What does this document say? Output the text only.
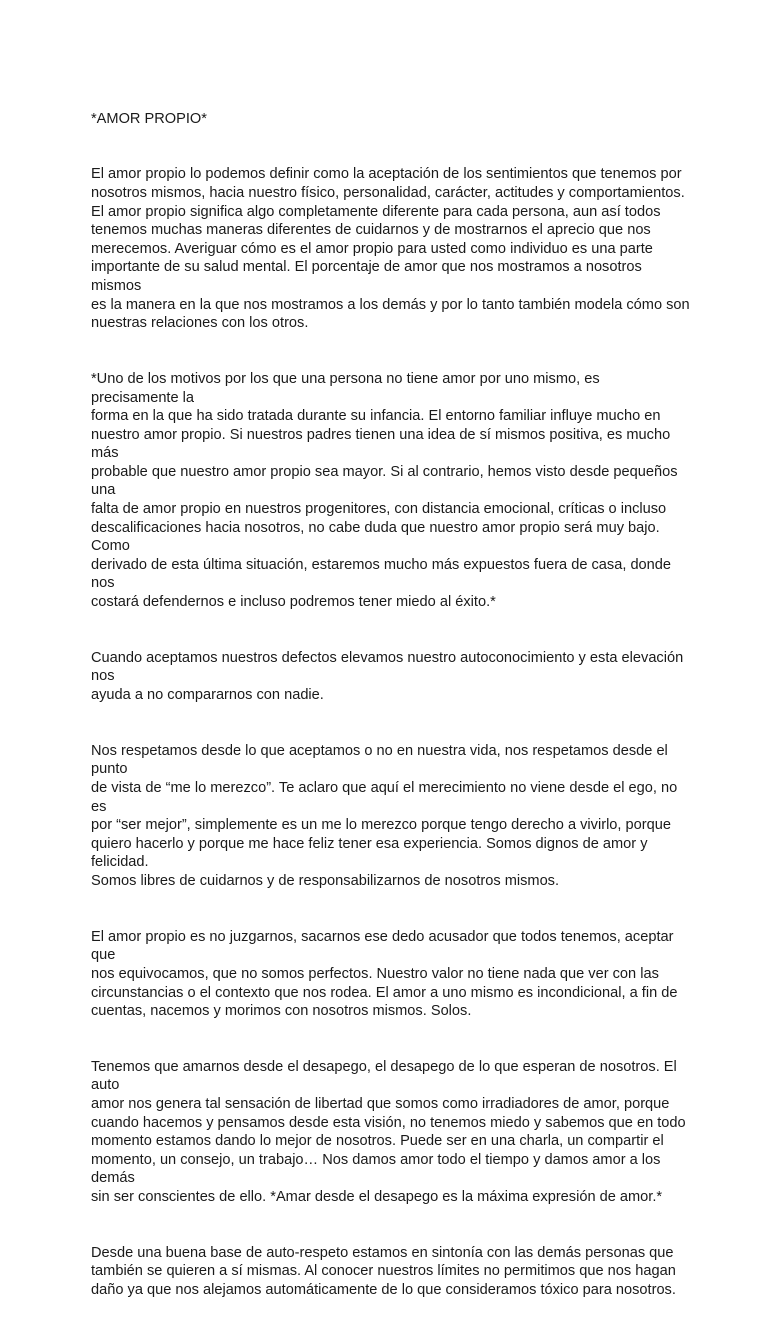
*AMOR PROPIO*

El amor propio lo podemos definir como la aceptación de los sentimientos que tenemos por
nosotros mismos, hacia nuestro físico, personalidad, carácter, actitudes y comportamientos.
El amor propio significa algo completamente diferente para cada persona, aun así todos
tenemos muchas maneras diferentes de cuidarnos y de mostrarnos el aprecio que nos
merecemos. Averiguar cómo es el amor propio para usted como individuo es una parte
importante de su salud mental. El porcentaje de amor que nos mostramos a nosotros mismos
es la manera en la que nos mostramos a los demás y por lo tanto también modela cómo son
nuestras relaciones con los otros.

*Uno de los motivos por los que una persona no tiene amor por uno mismo, es precisamente la
forma en la que ha sido tratada durante su infancia. El entorno familiar influye mucho en
nuestro amor propio. Si nuestros padres tienen una idea de sí mismos positiva, es mucho más
probable que nuestro amor propio sea mayor. Si al contrario, hemos visto desde pequeños una
falta de amor propio en nuestros progenitores, con distancia emocional, críticas o incluso
descalificaciones hacia nosotros, no cabe duda que nuestro amor propio será muy bajo. Como
derivado de esta última situación, estaremos mucho más expuestos fuera de casa, donde nos
costará defendernos e incluso podremos tener miedo al éxito.*

Cuando aceptamos nuestros defectos elevamos nuestro autoconocimiento y esta elevación nos
ayuda a no compararnos con nadie.

Nos respetamos desde lo que aceptamos o no en nuestra vida, nos respetamos desde el punto
de vista de “me lo merezco”. Te aclaro que aquí el merecimiento no viene desde el ego, no es
por “ser mejor”, simplemente es un me lo merezco porque tengo derecho a vivirlo, porque
quiero hacerlo y porque me hace feliz tener esa experiencia. Somos dignos de amor y felicidad.
Somos libres de cuidarnos y de responsabilizarnos de nosotros mismos.

El amor propio es no juzgarnos, sacarnos ese dedo acusador que todos tenemos, aceptar que
nos equivocamos, que no somos perfectos. Nuestro valor no tiene nada que ver con las
circunstancias o el contexto que nos rodea. El amor a uno mismo es incondicional, a fin de
cuentas, nacemos y morimos con nosotros mismos. Solos.

Tenemos que amarnos desde el desapego, el desapego de lo que esperan de nosotros. El auto
amor nos genera tal sensación de libertad que somos como irradiadores de amor, porque
cuando hacemos y pensamos desde esta visión, no tenemos miedo y sabemos que en todo
momento estamos dando lo mejor de nosotros. Puede ser en una charla, un compartir el
momento, un consejo, un trabajo… Nos damos amor todo el tiempo y damos amor a los demás
sin ser conscientes de ello. *Amar desde el desapego es la máxima expresión de amor.*

Desde una buena base de auto-respeto estamos en sintonía con las demás personas que
también se quieren a sí mismas. Al conocer nuestros límites no permitimos que nos hagan
daño ya que nos alejamos automáticamente de lo que consideramos tóxico para nosotros.
